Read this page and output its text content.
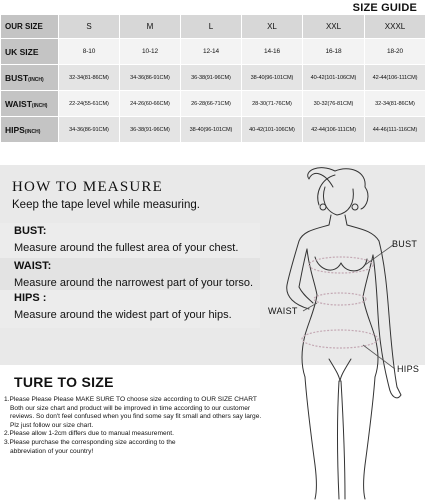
SIZE GUIDE
OUR SIZE	S	M	L	XL	XXL	XXXL
UK SIZE	8-10	10-12	12-14	14-16	16-18	18-20
BUST(INCH)	32-34(81-86CM)	34-36(86-91CM)	36-38(91-96CM)	38-40(96-101CM)	40-42(101-106CM)	42-44(106-111CM)
WAIST(INCH)	22-24(55-61CM)	24-26(60-66CM)	26-28(66-71CM)	28-30(71-76CM)	30-32(76-81CM)	32-34(81-86CM)
HIPS(INCH)	34-36(86-91CM)	36-38(91-96CM)	38-40(96-101CM)	40-42(101-106CM)	42-44(106-111CM)	44-46(111-116CM)
HOW TO MEASURE
Keep the tape level while measuring.
BUST:
Measure around the fullest area of your chest.
WAIST:
Measure around the narrowest part of your torso.
HIPS :
Measure around the widest part of your hips.
BUST
WAIST
HIPS
TURE TO SIZE

1.Please Please Please MAKE SURE TO choose size according to OUR SIZE CHART

Both our size chart and product will be improved in time according to our customer

reviews. So don't feel confused when you find some say fit small and others say large.

Plz just follow our size chart.

2.Please allow 1-2cm differs due to manual measurement.

3.Please purchase the corresponding size according to the

abbreviation of your country!
